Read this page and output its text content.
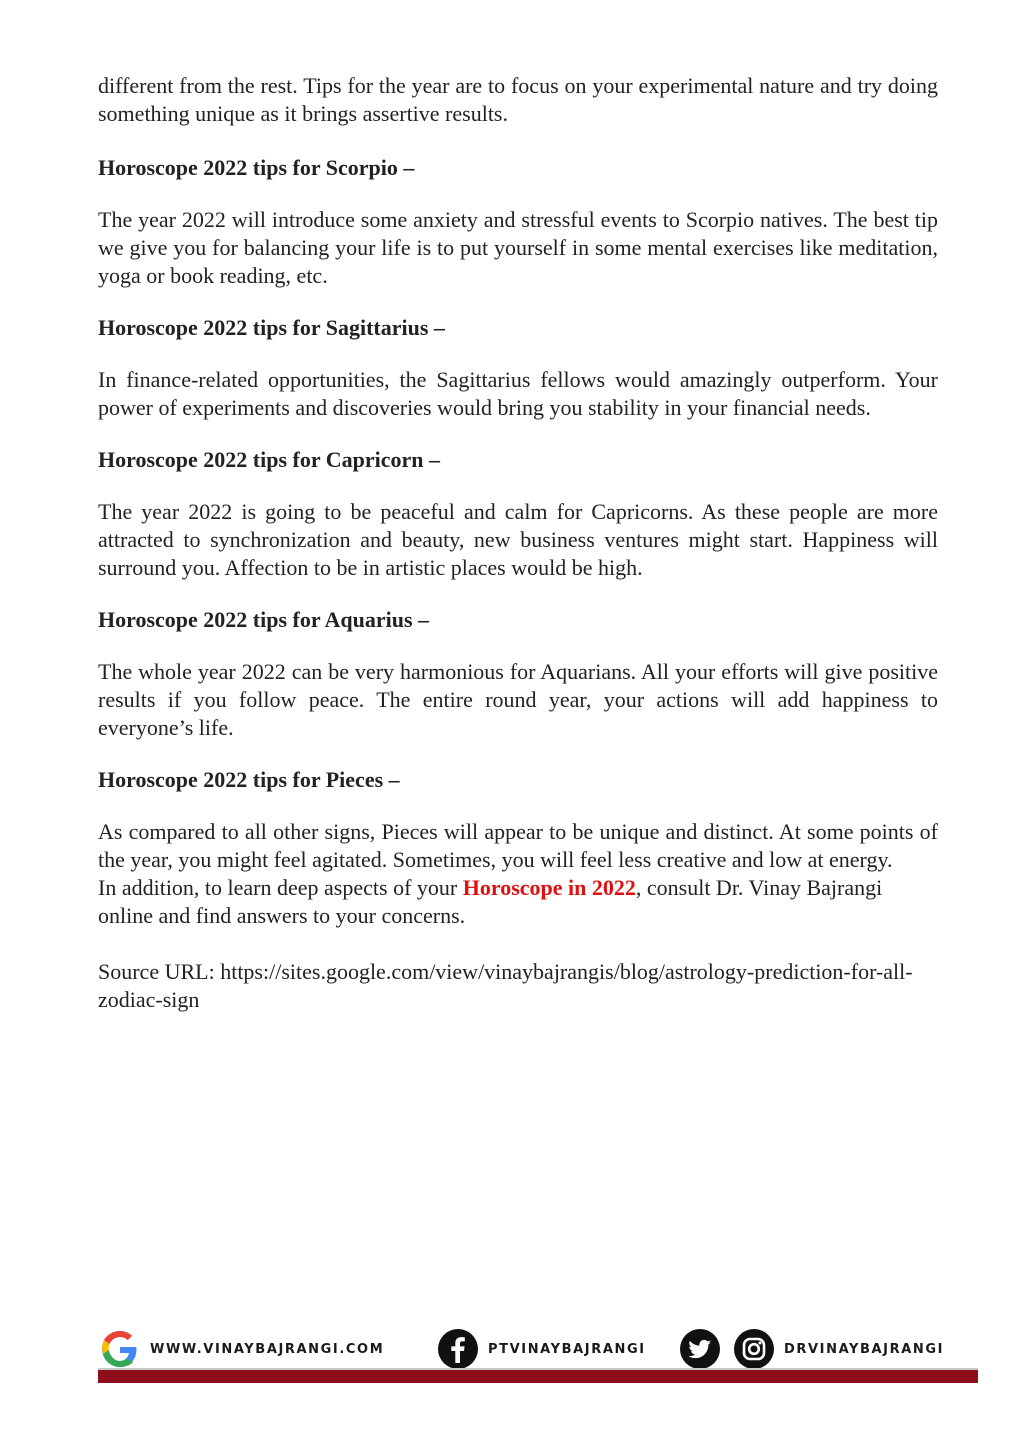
different from the rest. Tips for the year are to focus on your experimental nature and try doing something unique as it brings assertive results.

Horoscope 2022 tips for Scorpio –

The year 2022 will introduce some anxiety and stressful events to Scorpio natives. The best tip we give you for balancing your life is to put yourself in some mental exercises like meditation, yoga or book reading, etc.

Horoscope 2022 tips for Sagittarius –

In finance-related opportunities, the Sagittarius fellows would amazingly outperform. Your power of experiments and discoveries would bring you stability in your financial needs.

Horoscope 2022 tips for Capricorn –

The year 2022 is going to be peaceful and calm for Capricorns. As these people are more attracted to synchronization and beauty, new business ventures might start. Happiness will surround you. Affection to be in artistic places would be high.

Horoscope 2022 tips for Aquarius –

The whole year 2022 can be very harmonious for Aquarians. All your efforts will give positive results if you follow peace. The entire round year, your actions will add happiness to everyone’s life.

Horoscope 2022 tips for Pieces –

As compared to all other signs, Pieces will appear to be unique and distinct. At some points of the year, you might feel agitated. Sometimes, you will feel less creative and low at energy.

In addition, to learn deep aspects of your Horoscope in 2022, consult Dr. Vinay Bajrangi online and find answers to your concerns.

Source URL: https://sites.google.com/view/vinaybajrangis/blog/astrology-prediction-for-all-zodiac-sign

WWW.VINAYBAJRANGI.COM	PTVINAYBAJRANGI	DRVINAYBAJRANGI
